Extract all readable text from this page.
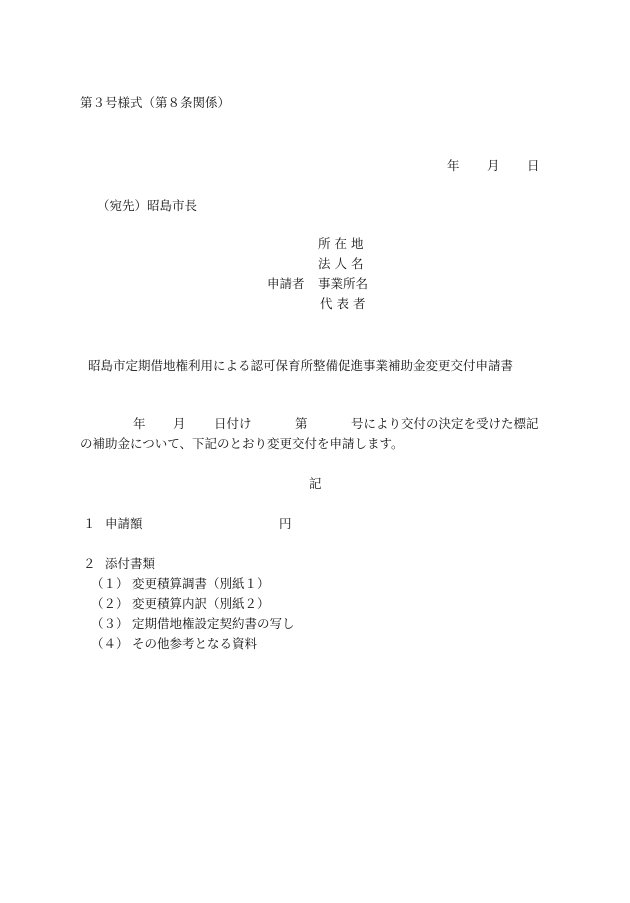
第３号様式（第８条関係）
年 月 日
（宛先）昭島市長
所 在 地
法 人 名
申請者 事業所名
代 表 者
昭島市定期借地権利用による認可保育所整備促進事業補助金変更交付申請書
年 月 日付け	第	号により交付の決定を受けた標記
の補助金について、下記のとおり変更交付を申請します。
記
１ 申請額	円
２ 添付書類
（１） 変更積算調書（別紙１）
（２） 変更積算内訳（別紙２）
（３） 定期借地権設定契約書の写し
（４） その他参考となる資料
